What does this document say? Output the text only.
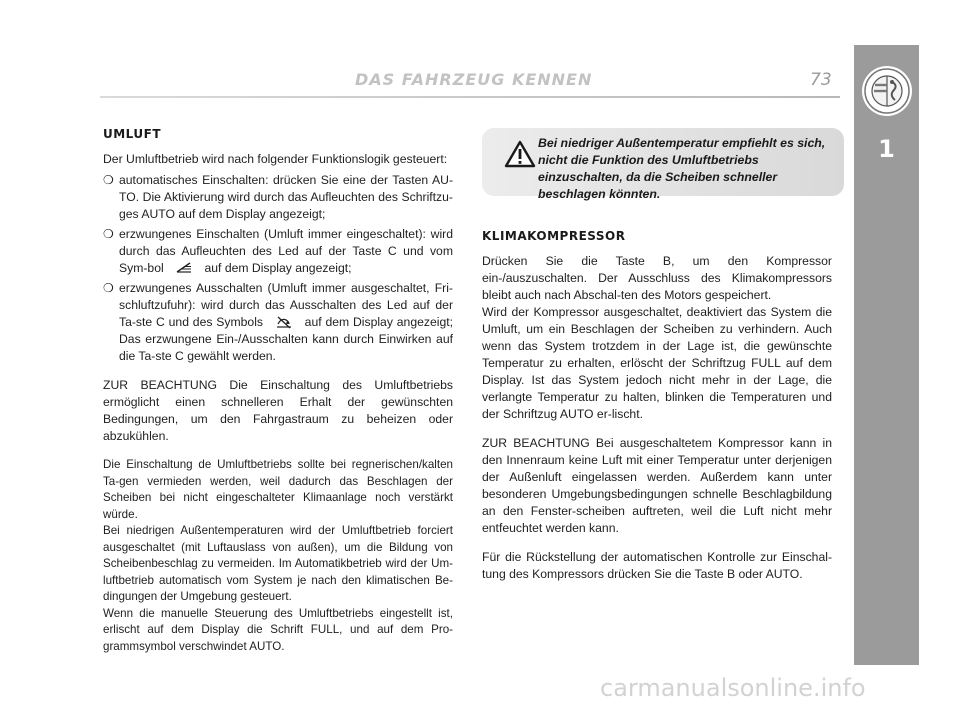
DAS FAHRZEUG KENNEN	73
1
UMLUFT

Der Umluftbetrieb wird nach folgender Funktionslogik gesteuert:

❍ automatisches Einschalten: drücken Sie eine der Tasten AU-TO. Die Aktivierung wird durch das Aufleuchten des Schriftzu-ges AUTO auf dem Display angezeigt;
❍ erzwungenes Einschalten (Umluft immer eingeschaltet): wird durch das Aufleuchten des Led auf der Taste C und vom Sym-bol	auf dem Display angezeigt;
❍ erzwungenes Ausschalten (Umluft immer ausgeschaltet, Fri-schluftzufuhr): wird durch das Ausschalten des Led auf der Ta-ste C und des Symbols	auf dem Display angezeigt; Das erzwungene Ein-/Ausschalten kann durch Einwirken auf die Ta-ste C gewählt werden.

ZUR BEACHTUNG Die Einschaltung des Umluftbetriebs ermöglicht einen schnelleren Erhalt der gewünschten Bedingungen, um den Fahrgastraum zu beheizen oder abzukühlen.

Die Einschaltung de Umluftbetriebs sollte bei regnerischen/kalten Ta-gen vermieden werden, weil dadurch das Beschlagen der Scheiben bei nicht eingeschalteter Klimaanlage noch verstärkt würde.

Bei niedrigen Außentemperaturen wird der Umluftbetrieb forciert ausgeschaltet (mit Luftauslass von außen), um die Bildung von Scheibenbeschlag zu vermeiden. Im Automatikbetrieb wird der Um-luftbetrieb automatisch vom System je nach den klimatischen Be-dingungen der Umgebung gesteuert.

Wenn die manuelle Steuerung des Umluftbetriebs eingestellt ist, erlischt auf dem Display die Schrift FULL, und auf dem Pro-grammsymbol verschwindet AUTO.

Bei niedriger Außentemperatur empfiehlt es sich, nicht die Funktion des Umluftbetriebs einzuschalten, da die Scheiben schneller beschlagen könnten.
KLIMAKOMPRESSOR

Drücken Sie die Taste B, um den Kompressor ein-/auszuschalten. Der Ausschluss des Klimakompressors bleibt auch nach Abschal-ten des Motors gespeichert.

Wird der Kompressor ausgeschaltet, deaktiviert das System die Umluft, um ein Beschlagen der Scheiben zu verhindern. Auch wenn das System trotzdem in der Lage ist, die gewünschte Temperatur zu erhalten, erlöscht der Schriftzug FULL auf dem Display. Ist das System jedoch nicht mehr in der Lage, die verlangte Temperatur zu halten, blinken die Temperaturen und der Schriftzug AUTO er-lischt.

ZUR BEACHTUNG Bei ausgeschaltetem Kompressor kann in den Innenraum keine Luft mit einer Temperatur unter derjenigen der Außenluft eingelassen werden. Außerdem kann unter besonderen Umgebungsbedingungen schnelle Beschlagbildung an den Fenster-scheiben auftreten, weil die Luft nicht mehr entfeuchtet werden kann.

Für die Rückstellung der automatischen Kontrolle zur Einschal-tung des Kompressors drücken Sie die Taste B oder AUTO.

carmanualsonline.info
